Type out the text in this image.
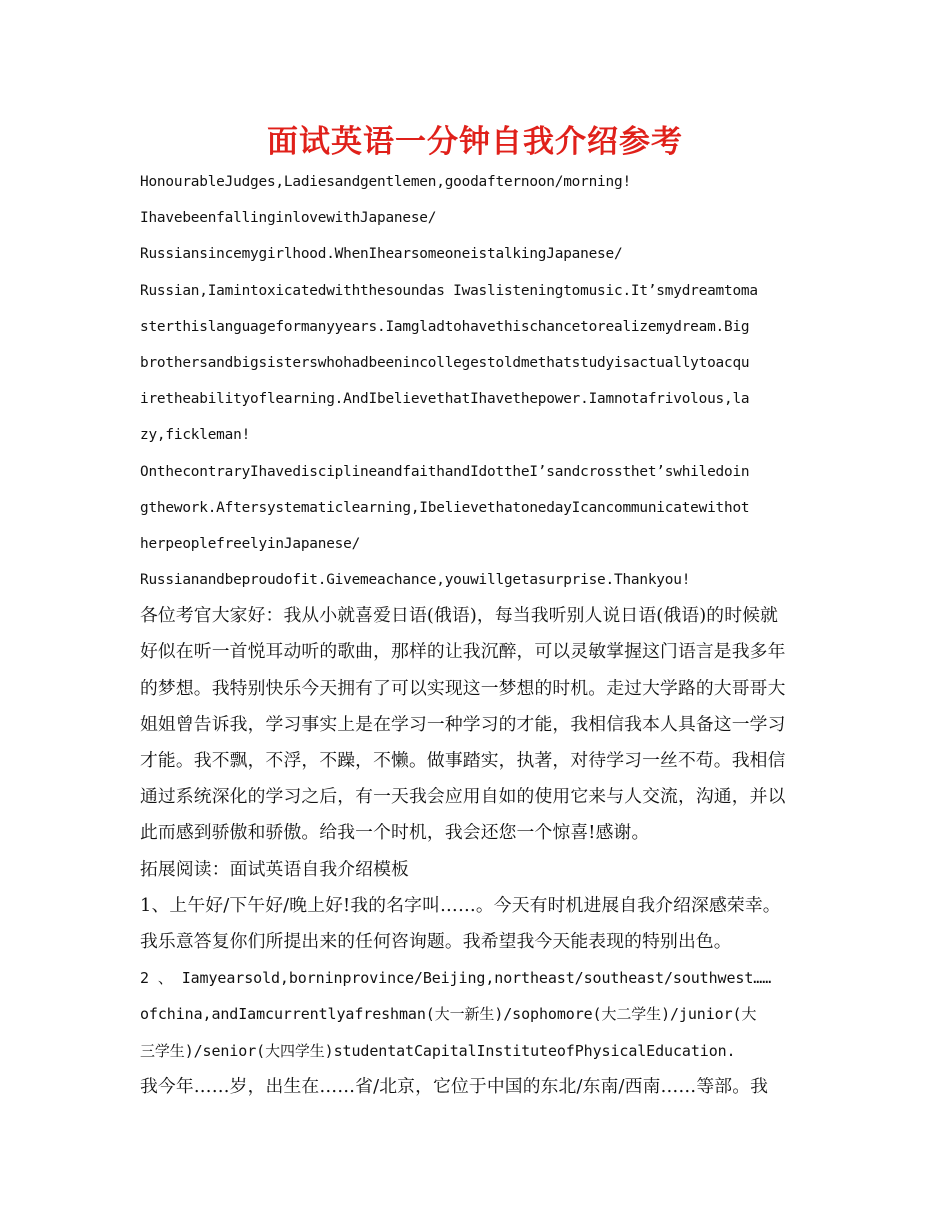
面试英语一分钟自我介绍参考
HonourableJudges,Ladiesandgentlemen,goodafternoon/morning!
IhavebeenfallinginlovewithJapanese/
Russiansincemygirlhood.WhenIhearsomeoneistalkingJapanese/
Russian,Iamintoxicatedwiththesoundas Iwaslisteningtomusic.It’smydreamtoma
sterthislanguageformanyyears.Iamgladtohavethischancetorealizemydream.Big
brothersandbigsisterswhohadbeenincollegestoldmethatstudyisactuallytoacqu
iretheabilityoflearning.AndIbelievethatIhavethepower.Iamnotafrivolous,la
zy,fickleman!
OnthecontraryIhavedisciplineandfaithandIdottheI’sandcrossthet’swhiledoin
gthework.Aftersystematiclearning,IbelievethatonedayIcancommunicatewithot
herpeoplefreelyinJapanese/
Russianandbeproudofit.Givemeachance,youwillgetasurprise.Thankyou!
各位考官大家好：我从小就喜爱日语(俄语)，每当我听别人说日语(俄语)的时候就
好似在听一首悦耳动听的歌曲，那样的让我沉醉，可以灵敏掌握这门语言是我多年
的梦想。我特别快乐今天拥有了可以实现这一梦想的时机。走过大学路的大哥哥大
姐姐曾告诉我，学习事实上是在学习一种学习的才能，我相信我本人具备这一学习
才能。我不飘，不浮，不躁，不懒。做事踏实，执著，对待学习一丝不苟。我相信
通过系统深化的学习之后，有一天我会应用自如的使用它来与人交流，沟通，并以
此而感到骄傲和骄傲。给我一个时机，我会还您一个惊喜!感谢。
拓展阅读：面试英语自我介绍模板
1、上午好/下午好/晚上好!我的名字叫……。今天有时机进展自我介绍深感荣幸。
我乐意答复你们所提出来的任何咨询题。我希望我今天能表现的特别出色。
2 、 Iamyearsold,borninprovince/Beijing,northeast/southeast/southwest……
ofchina,andIamcurrentlyafreshman(大一新生)/sophomore(大二学生)/junior(大
三学生)/senior(大四学生)studentatCapitalInstituteofPhysicalEducation.
我今年……岁，出生在……省/北京，它位于中国的东北/东南/西南……等部。我
